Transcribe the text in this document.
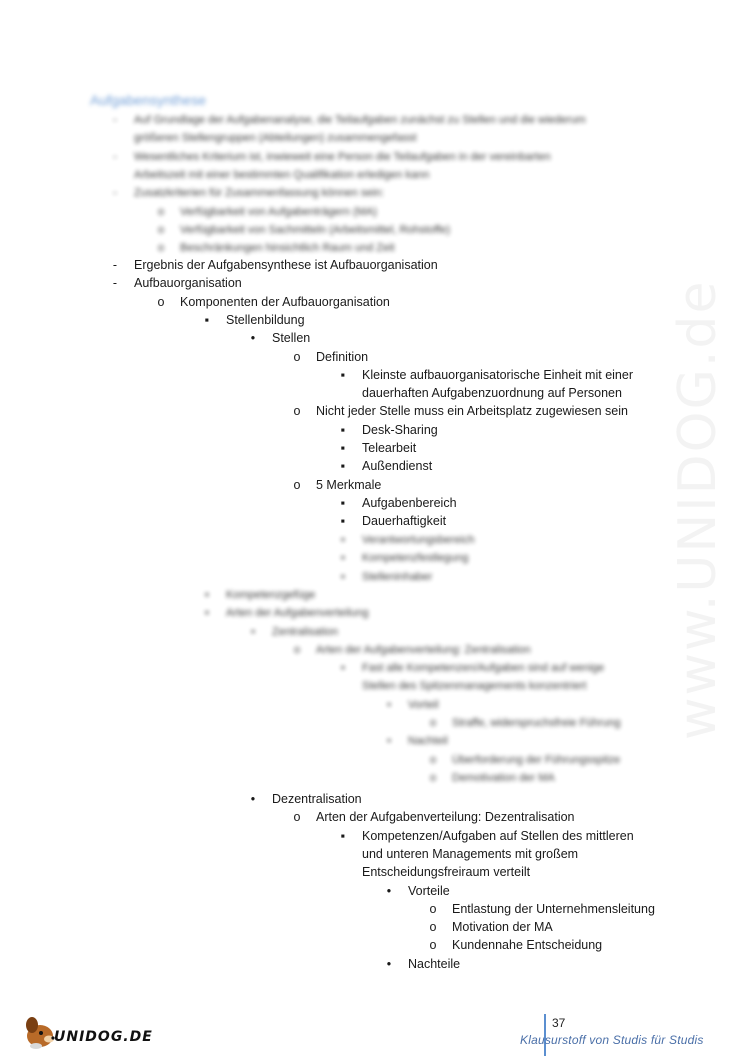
www.UNIDOG.de
Aufgabensynthese
-	Auf Grundlage der Aufgabenanalyse, die Teilaufgaben zunächst zu Stellen und die wiederum
größeren Stellengruppen (Abteilungen) zusammengefasst
-	Wesentliches Kriterium ist, inwieweit eine Person die Teilaufgaben in der vereinbarten
Arbeitszeit mit einer bestimmten Qualifikation erledigen kann
-	Zusatzkriterien für Zusammenfassung können sein:
o	Verfügbarkeit von Aufgabenträgern (MA)
o	Verfügbarkeit von Sachmitteln (Arbeitsmittel, Rohstoffe)
o	Beschränkungen hinsichtlich Raum und Zeit
-	Ergebnis der Aufgabensynthese ist Aufbauorganisation
-	Aufbauorganisation
o Komponenten der Aufbauorganisation
▪	Stellenbildung
•	Stellen
o Definition
▪	Kleinste aufbauorganisatorische Einheit mit einer
dauerhaften Aufgabenzuordnung auf Personen
o Nicht jeder Stelle muss ein Arbeitsplatz zugewiesen sein
▪	Desk-Sharing
▪	Telearbeit
▪	Außendienst
o 5 Merkmale
▪	Aufgabenbereich
▪	Dauerhaftigkeit
▪	Verantwortungsbereich
▪	Kompetenzfestlegung
▪	Stelleninhaber
▪	Kompetenzgefüge
▪	Arten der Aufgabenverteilung
•	Zentralisation
o	Arten der Aufgabenverteilung: Zentralisation
▪	Fast alle Kompetenzen/Aufgaben sind auf wenige
Stellen des Spitzenmanagements konzentriert
•	Vorteil
o	Straffe, widerspruchsfreie Führung
•	Nachteil
o	Überforderung der Führungsspitze
o	Demotivation der MA
•	Dezentralisation
o Arten der Aufgabenverteilung: Dezentralisation
▪	Kompetenzen/Aufgaben auf Stellen des mittleren
und unteren Managements mit großem
Entscheidungsfreiraum verteilt
•	Vorteile
o Entlastung der Unternehmensleitung
o Motivation der MA
o Kundennahe Entscheidung
•	Nachteile
UNIDOG.DE
37
Klausurstoff von Studis für Studis
